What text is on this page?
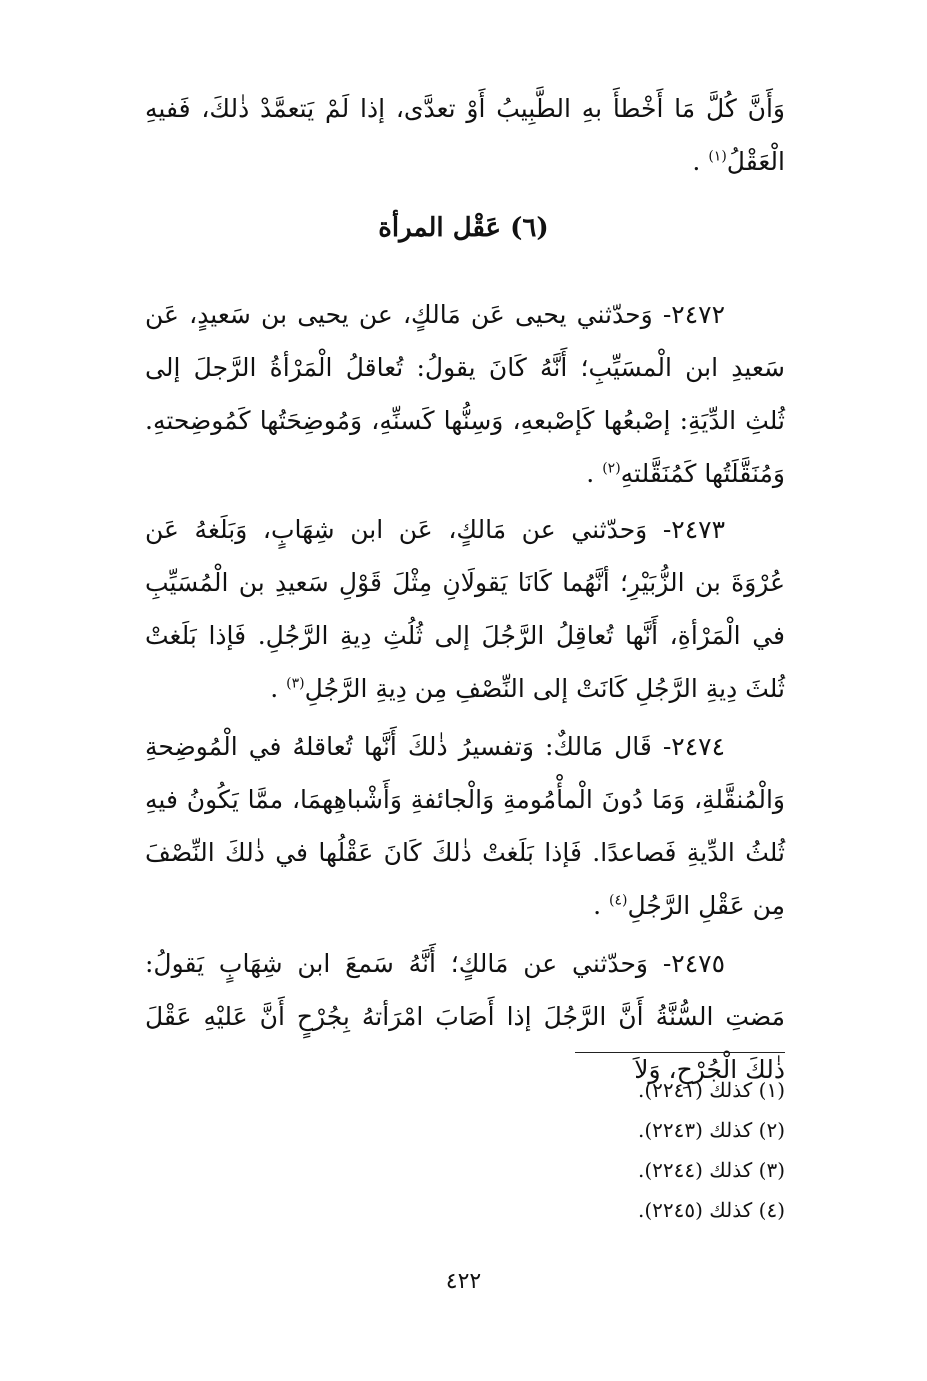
وَأَنَّ كُلَّ مَا أَخْطأَ بهِ الطَّبِيبُ أَوْ تعدَّى، إذا لَمْ يَتعمَّدْ ذٰلكَ، فَفيهِ الْعَقْلُ$^{(١)}$ .
(٦) عَقْل المرأة
٢٤٧٢- وَحدّثني يحيى عَن مَالكٍ، عن يحيى بن سَعيدٍ، عَن سَعيدِ ابن الْمسَيِّبِ؛ أَنَّهُ كَانَ يقولُ: تُعاقلُ الْمَرْأةُ الرَّجلَ إلى ثُلثِ الدِّيَةِ: إصْبعُها كَإصْبعهِ، وَسِنُّها كَسنِّهِ، وَمُوضِحَتُها كَمُوضِحتهِ. وَمُنَقَّلَتُها كَمُنَقَّلتهِ$^{(٢)}$ .
٢٤٧٣- وَحدّثني عن مَالكٍ، عَن ابن شِهَابٍ، وَبَلَغهُ عَن عُرْوَةَ بن الزُّبَيْرِ؛ أنَّهُما كَانَا يَقولَانِ مِثْلَ قَوْلِ سَعيدِ بن الْمُسَيِّبِ في الْمَرْأةِ، أَنَّها تُعاقِلُ الرَّجُلَ إلى ثُلُثِ دِيةِ الرَّجُلِ. فَإذا بَلَغتْ ثُلثَ دِيةِ الرَّجُلِ كَانَتْ إلى النِّصْفِ مِن دِيةِ الرَّجُلِ$^{(٣)}$ .
٢٤٧٤- قَال مَالكٌ: وَتفسيرُ ذٰلكَ أَنَّها تُعاقلهُ في الْمُوضِحةِ وَالْمُنقَّلةِ، وَمَا دُونَ الْمأْمُومةِ وَالْجائفةِ وَأَشْباهِهمَا، ممَّا يَكُونُ فيهِ ثُلثُ الدِّيةِ فَصاعدًا. فَإذا بَلَغتْ ذٰلكَ كَانَ عَقْلُها في ذٰلكَ النِّصْفَ مِن عَقْلِ الرَّجُلِ$^{(٤)}$ .
٢٤٧٥- وَحدّثني عن مَالكٍ؛ أَنَّهُ سَمعَ ابن شِهَابٍ يَقولُ: مَضتِ السُّنَّةُ أَنَّ الرَّجُلَ إذا أَصَابَ امْرَأتهُ بِجُرْحٍ أَنَّ عَليْهِ عَقْلَ ذٰلكَ الْجُرْحِ، وَلاَ
(١) كذلك (٢٢٤١).
(٢) كذلك (٢٢٤٣).
(٣) كذلك (٢٢٤٤).
(٤) كذلك (٢٢٤٥).
٤٢٢
